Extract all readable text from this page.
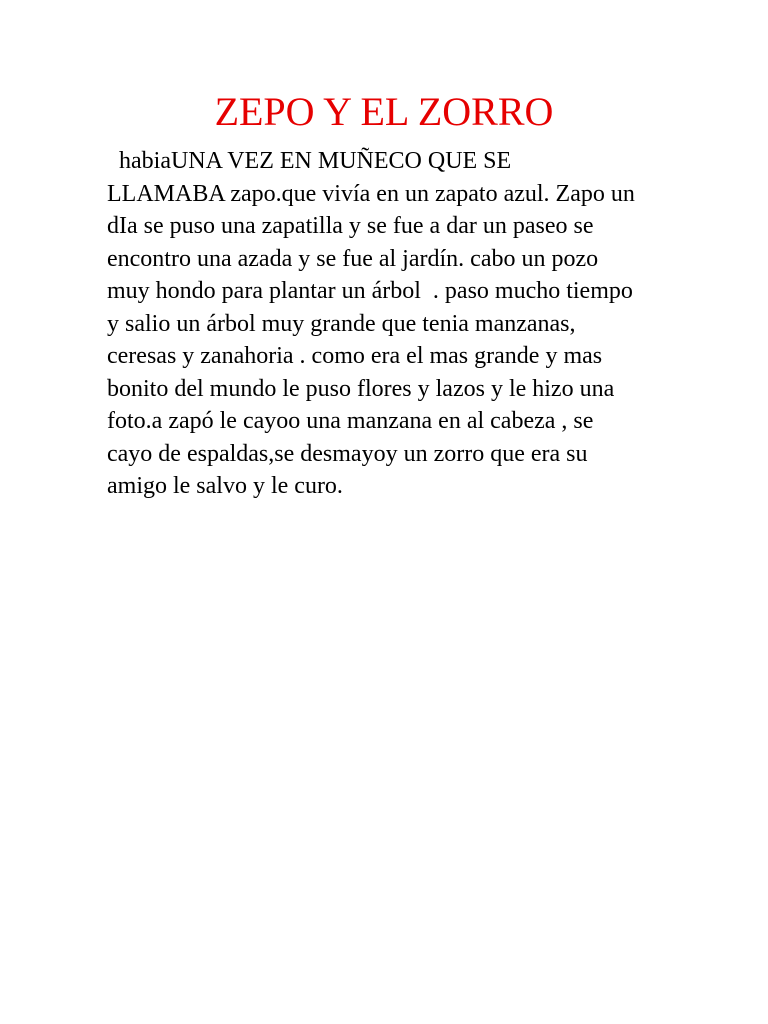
ZEPO Y EL ZORRO
habiaUNA VEZ EN MUÑECO QUE SE
LLAMABA zapo.que vivía en un zapato azul. Zapo un
dIa se puso una zapatilla y se fue a dar un paseo se
encontro una azada y se fue al jardín. cabo un pozo
muy hondo para plantar un árbol  . paso mucho tiempo
y salio un árbol muy grande que tenia manzanas,
ceresas y zanahoria . como era el mas grande y mas
bonito del mundo le puso flores y lazos y le hizo una
foto.a zapó le cayoo una manzana en al cabeza , se
cayo de espaldas,se desmayoy un zorro que era su
amigo le salvo y le curo.
